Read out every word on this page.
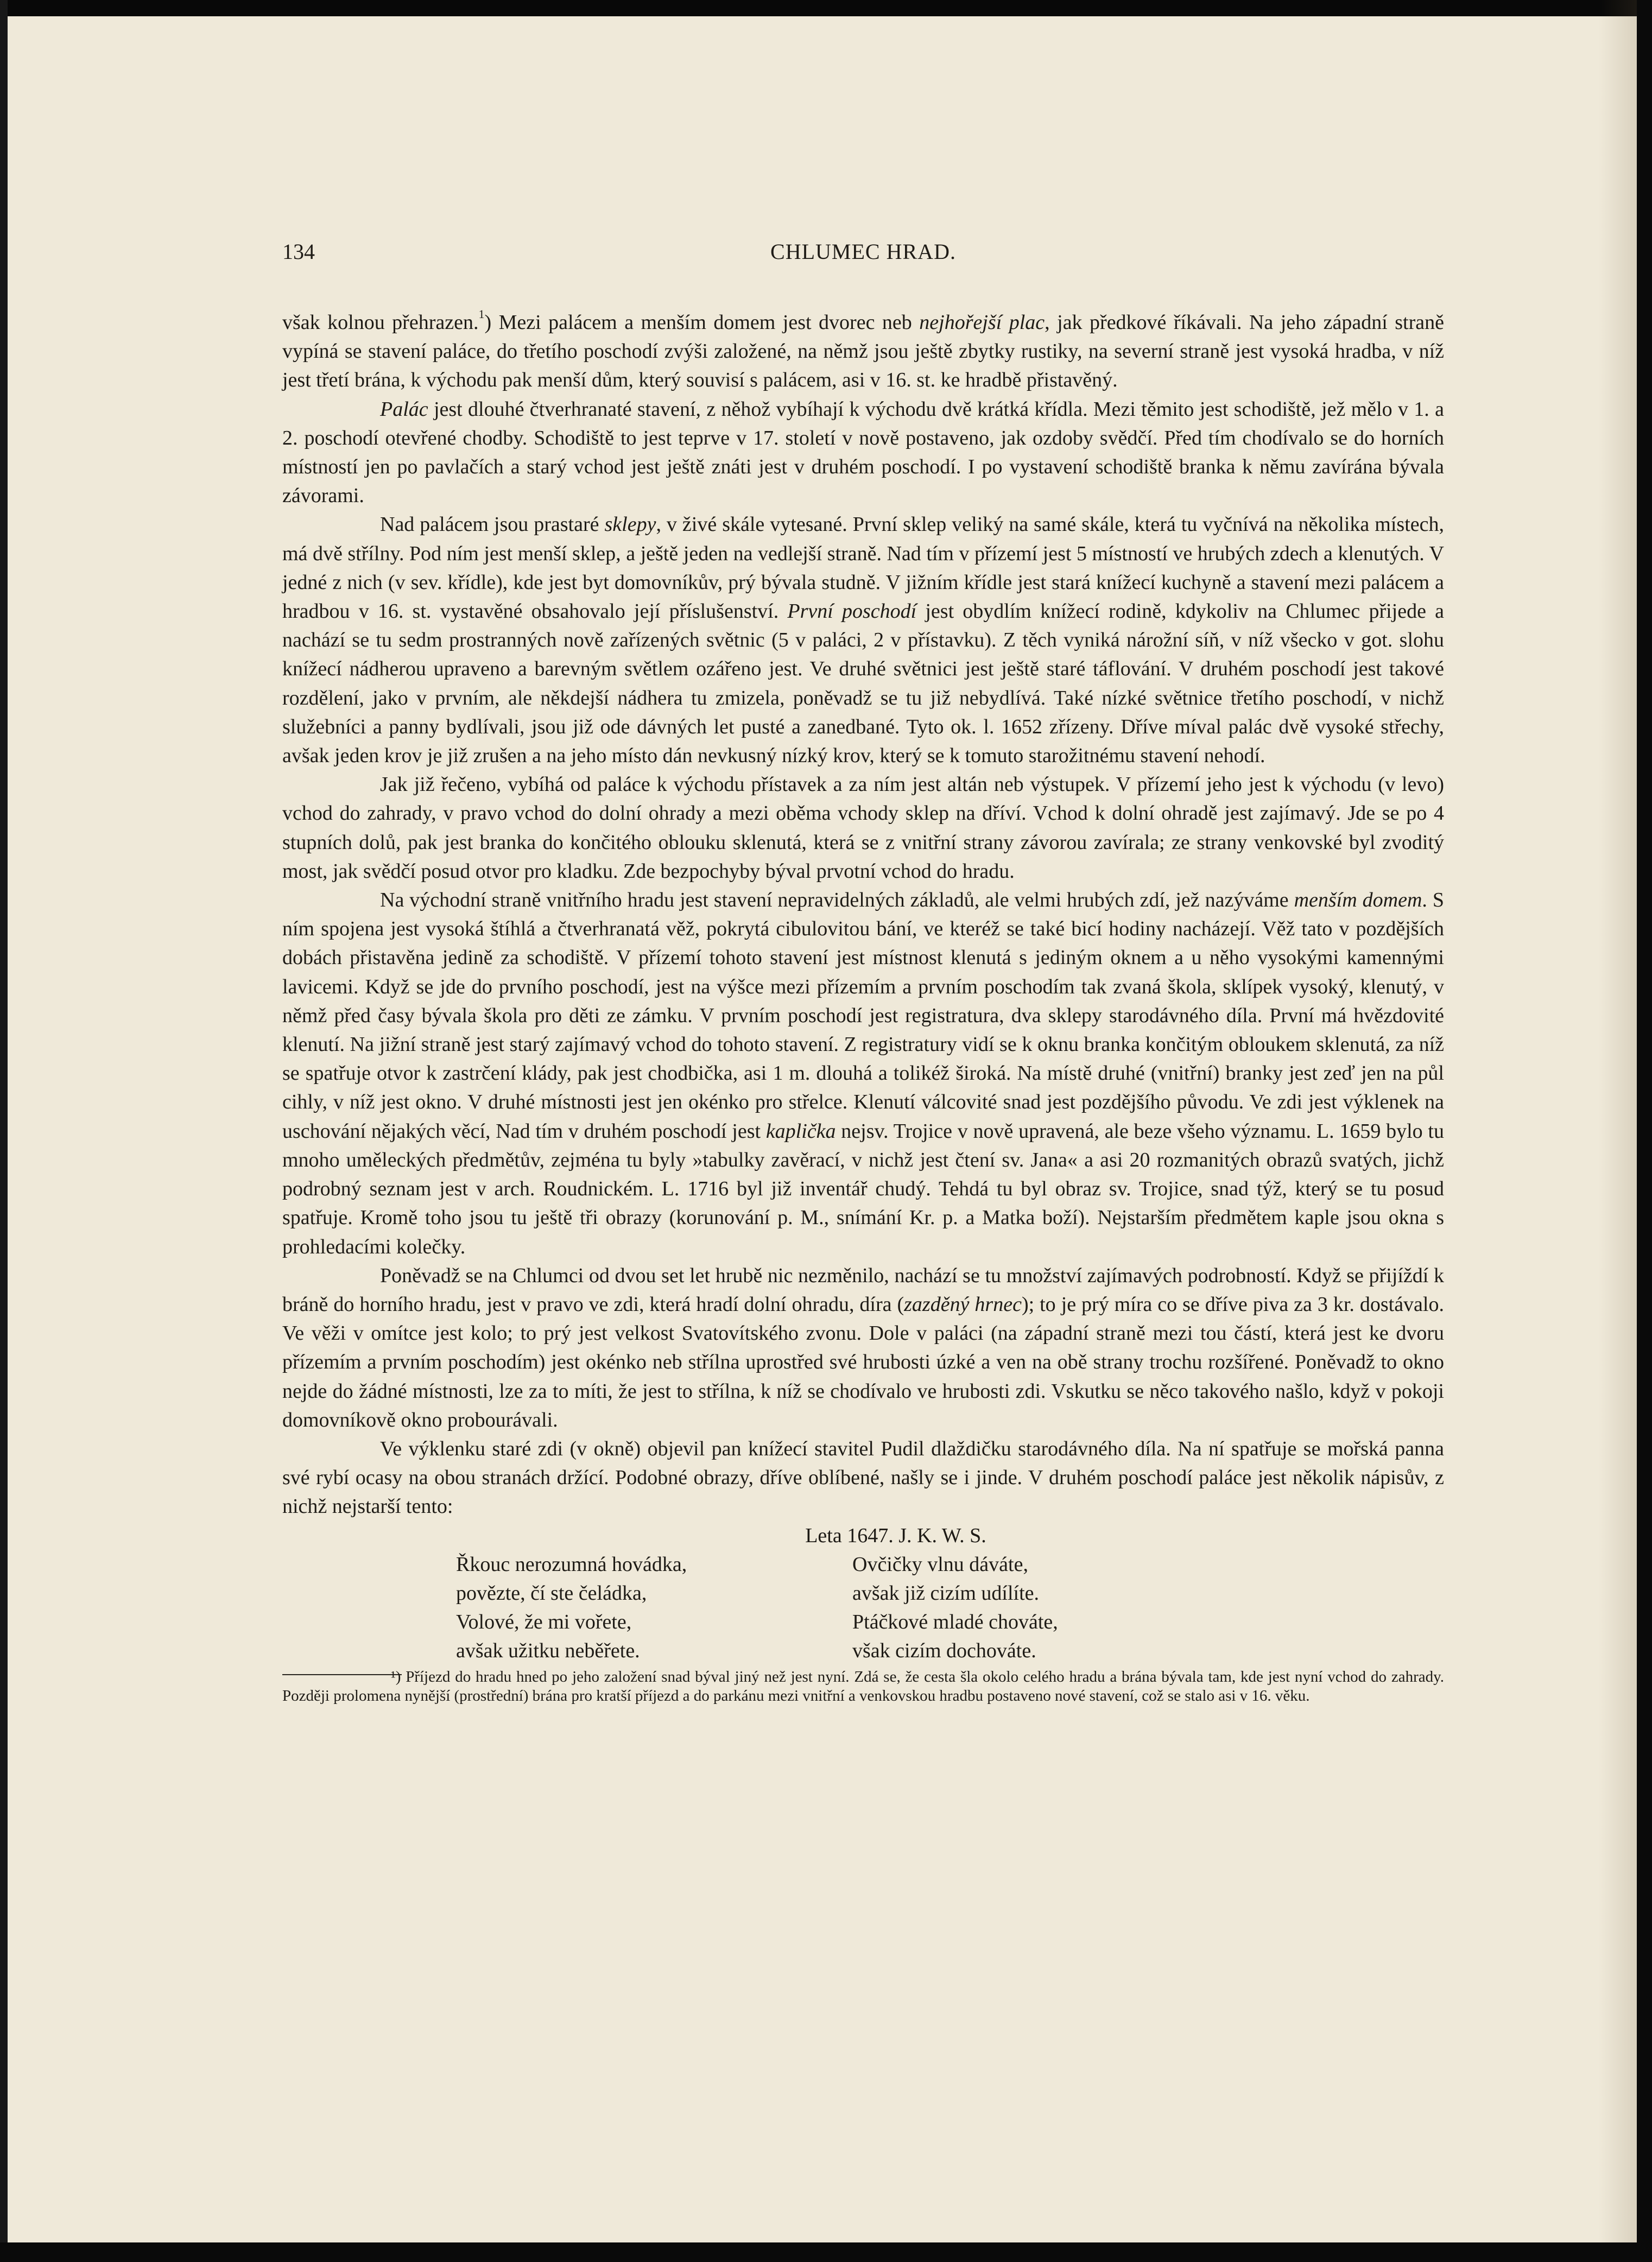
134	CHLUMEC HRAD.

však kolnou přehrazen.$^1$) Mezi palácem a menším domem jest dvorec neb nejhořejší plac, jak předkové říkávali. Na jeho západní straně vypíná se stavení paláce, do třetího poschodí zvýši založené, na němž jsou ještě zbytky rustiky, na severní straně jest vysoká hradba, v níž jest třetí brána, k východu pak menší dům, který souvisí s palácem, asi v 16. st. ke hradbě přistavěný.

Palác jest dlouhé čtverhranaté stavení, z něhož vybíhají k východu dvě krátká křídla. Mezi těmito jest schodiště, jež mělo v 1. a 2. poschodí otevřené chodby. Schodiště to jest teprve v 17. století v nově postaveno, jak ozdoby svědčí. Před tím chodívalo se do horních místností jen po pavlačích a starý vchod jest ještě znáti jest v druhém poschodí. I po vystavení schodiště branka k němu zavírána bývala závorami.

Nad palácem jsou prastaré sklepy, v živé skále vytesané. První sklep veliký na samé skále, která tu vyčnívá na několika místech, má dvě střílny. Pod ním jest menší sklep, a ještě jeden na vedlejší straně. Nad tím v přízemí jest 5 místností ve hrubých zdech a klenutých. V jedné z nich (v sev. křídle), kde jest byt domovníkův, prý bývala studně. V jižním křídle jest stará knížecí kuchyně a stavení mezi palácem a hradbou v 16. st. vystavěné obsahovalo její příslušenství. První poschodí jest obydlím knížecí rodině, kdykoliv na Chlumec přijede a nachází se tu sedm prostranných nově zařízených světnic (5 v paláci, 2 v přístavku). Z těch vyniká nárožní síň, v níž všecko v got. slohu knížecí nádherou upraveno a barevným světlem ozářeno jest. Ve druhé světnici jest ještě staré táflování. V druhém poschodí jest takové rozdělení, jako v prvním, ale někdejší nádhera tu zmizela, poněvadž se tu již nebydlívá. Také nízké světnice třetího poschodí, v nichž služebníci a panny bydlívali, jsou již ode dávných let pusté a zanedbané. Tyto ok. l. 1652 zřízeny. Dříve míval palác dvě vysoké střechy, avšak jeden krov je již zrušen a na jeho místo dán nevkusný nízký krov, který se k tomuto starožitnému stavení nehodí.

Jak již řečeno, vybíhá od paláce k východu přístavek a za ním jest altán neb výstupek. V přízemí jeho jest k východu (v levo) vchod do zahrady, v pravo vchod do dolní ohrady a mezi oběma vchody sklep na dříví. Vchod k dolní ohradě jest zajímavý. Jde se po 4 stupních dolů, pak jest branka do končitého oblouku sklenutá, která se z vnitřní strany závorou zavírala; ze strany venkovské byl zvoditý most, jak svědčí posud otvor pro kladku. Zde bezpochyby býval prvotní vchod do hradu.

Na východní straně vnitřního hradu jest stavení nepravidelných základů, ale velmi hrubých zdí, jež nazýváme menším domem. S ním spojena jest vysoká štíhlá a čtverhranatá věž, pokrytá cibulovitou bání, ve kteréž se také bicí hodiny nacházejí. Věž tato v pozdějších dobách přistavěna jedině za schodiště. V přízemí tohoto stavení jest místnost klenutá s jediným oknem a u něho vysokými kamennými lavicemi. Když se jde do prvního poschodí, jest na výšce mezi přízemím a prvním poschodím tak zvaná škola, sklípek vysoký, klenutý, v němž před časy bývala škola pro děti ze zámku. V prvním poschodí jest registratura, dva sklepy starodávného díla. První má hvězdovité klenutí. Na jižní straně jest starý zajímavý vchod do tohoto stavení. Z registratury vidí se k oknu branka končitým obloukem sklenutá, za níž se spatřuje otvor k zastrčení klády, pak jest chodbička, asi 1 m. dlouhá a tolikéž široká. Na místě druhé (vnitřní) branky jest zeď jen na půl cihly, v níž jest okno. V druhé místnosti jest jen okénko pro střelce. Klenutí válcovité snad jest pozdějšího původu. Ve zdi jest výklenek na uschování nějakých věcí, Nad tím v druhém poschodí jest kaplička nejsv. Trojice v nově upravená, ale beze všeho významu. L. 1659 bylo tu mnoho uměleckých předmětův, zejména tu byly »tabulky zavěrací, v nichž jest čtení sv. Jana« a asi 20 rozmanitých obrazů svatých, jichž podrobný seznam jest v arch. Roudnickém. L. 1716 byl již inventář chudý. Tehdá tu byl obraz sv. Trojice, snad týž, který se tu posud spatřuje. Kromě toho jsou tu ještě tři obrazy (korunování p. M., snímání Kr. p. a Matka boží). Nejstarším předmětem kaple jsou okna s prohledacími kolečky.

Poněvadž se na Chlumci od dvou set let hrubě nic nezměnilo, nachází se tu množství zajímavých podrobností. Když se přijíždí k bráně do horního hradu, jest v pravo ve zdi, která hradí dolní ohradu, díra (zazděný hrnec); to je prý míra co se dříve piva za 3 kr. dostávalo. Ve věži v omítce jest kolo; to prý jest velkost Svatovítského zvonu. Dole v paláci (na západní straně mezi tou částí, která jest ke dvoru přízemím a prvním poschodím) jest okénko neb střílna uprostřed své hrubosti úzké a ven na obě strany trochu rozšířené. Poněvadž to okno nejde do žádné místnosti, lze za to míti, že jest to střílna, k níž se chodívalo ve hrubosti zdi. Vskutku se něco takového našlo, když v pokoji domovníkově okno probourávali.

Ve výklenku staré zdi (v okně) objevil pan knížecí stavitel Pudil dlaždičku starodávného díla. Na ní spatřuje se mořská panna své rybí ocasy na obou stranách držící. Podobné obrazy, dříve oblíbené, našly se i jinde. V druhém poschodí paláce jest několik nápisův, z nichž nejstarší tento:

Leta 1647. J. K. W. S.
Řkouc nerozumná hovádka,
povězte, čí ste čeládka,
Volové, že mi vořete,
avšak užitku neběřete.
Ovčičky vlnu dáváte,
avšak již cizím udílíte.
Ptáčkové mladé chováte,
však cizím dochováte.
¹) Příjezd do hradu hned po jeho založení snad býval jiný než jest nyní. Zdá se, že cesta šla okolo celého hradu a brána bývala tam, kde jest nyní vchod do zahrady. Později prolomena nynější (prostřední) brána pro kratší příjezd a do parkánu mezi vnitřní a venkovskou hradbu postaveno nové stavení, což se stalo asi v 16. věku.
